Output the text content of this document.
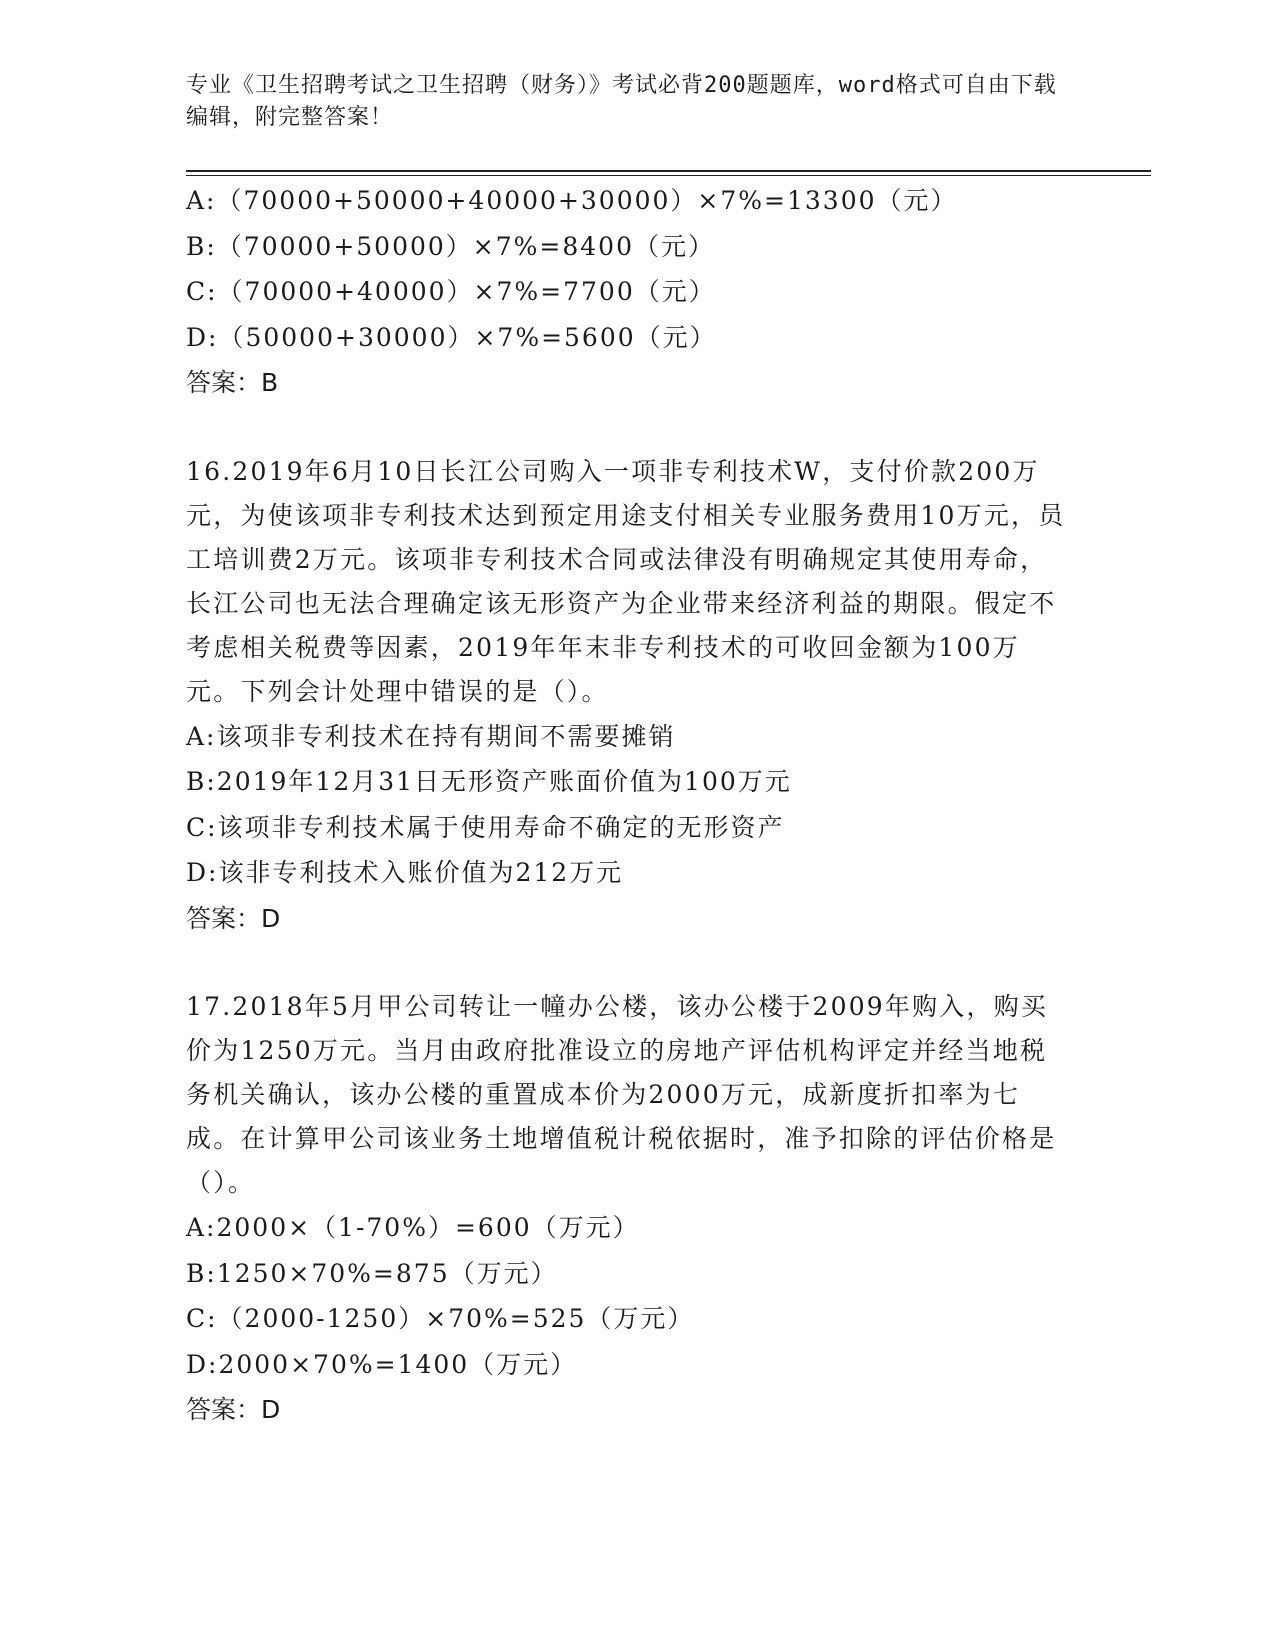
专业《卫生招聘考试之卫生招聘（财务）》考试必背200题题库，word格式可自由下载编辑，附完整答案！

A:（70000+50000+40000+30000）×7%=13300（元）

B:（70000+50000）×7%=8400（元）

C:（70000+40000）×7%=7700（元）

D:（50000+30000）×7%=5600（元）

答案：B

16.2019年6月10日长江公司购入一项非专利技术W，支付价款200万元，为使该项非专利技术达到预定用途支付相关专业服务费用10万元，员工培训费2万元。该项非专利技术合同或法律没有明确规定其使用寿命，长江公司也无法合理确定该无形资产为企业带来经济利益的期限。假定不考虑相关税费等因素，2019年年末非专利技术的可收回金额为100万元。下列会计处理中错误的是（）。

A:该项非专利技术在持有期间不需要摊销

B:2019年12月31日无形资产账面价值为100万元

C:该项非专利技术属于使用寿命不确定的无形资产

D:该非专利技术入账价值为212万元

答案：D

17.2018年5月甲公司转让一幢办公楼，该办公楼于2009年购入，购买价为1250万元。当月由政府批准设立的房地产评估机构评定并经当地税务机关确认，该办公楼的重置成本价为2000万元，成新度折扣率为七成。在计算甲公司该业务土地增值税计税依据时，准予扣除的评估价格是（）。

A:2000×（1-70%）=600（万元）

B:1250×70%=875（万元）

C:（2000-1250）×70%=525（万元）

D:2000×70%=1400（万元）

答案：D
